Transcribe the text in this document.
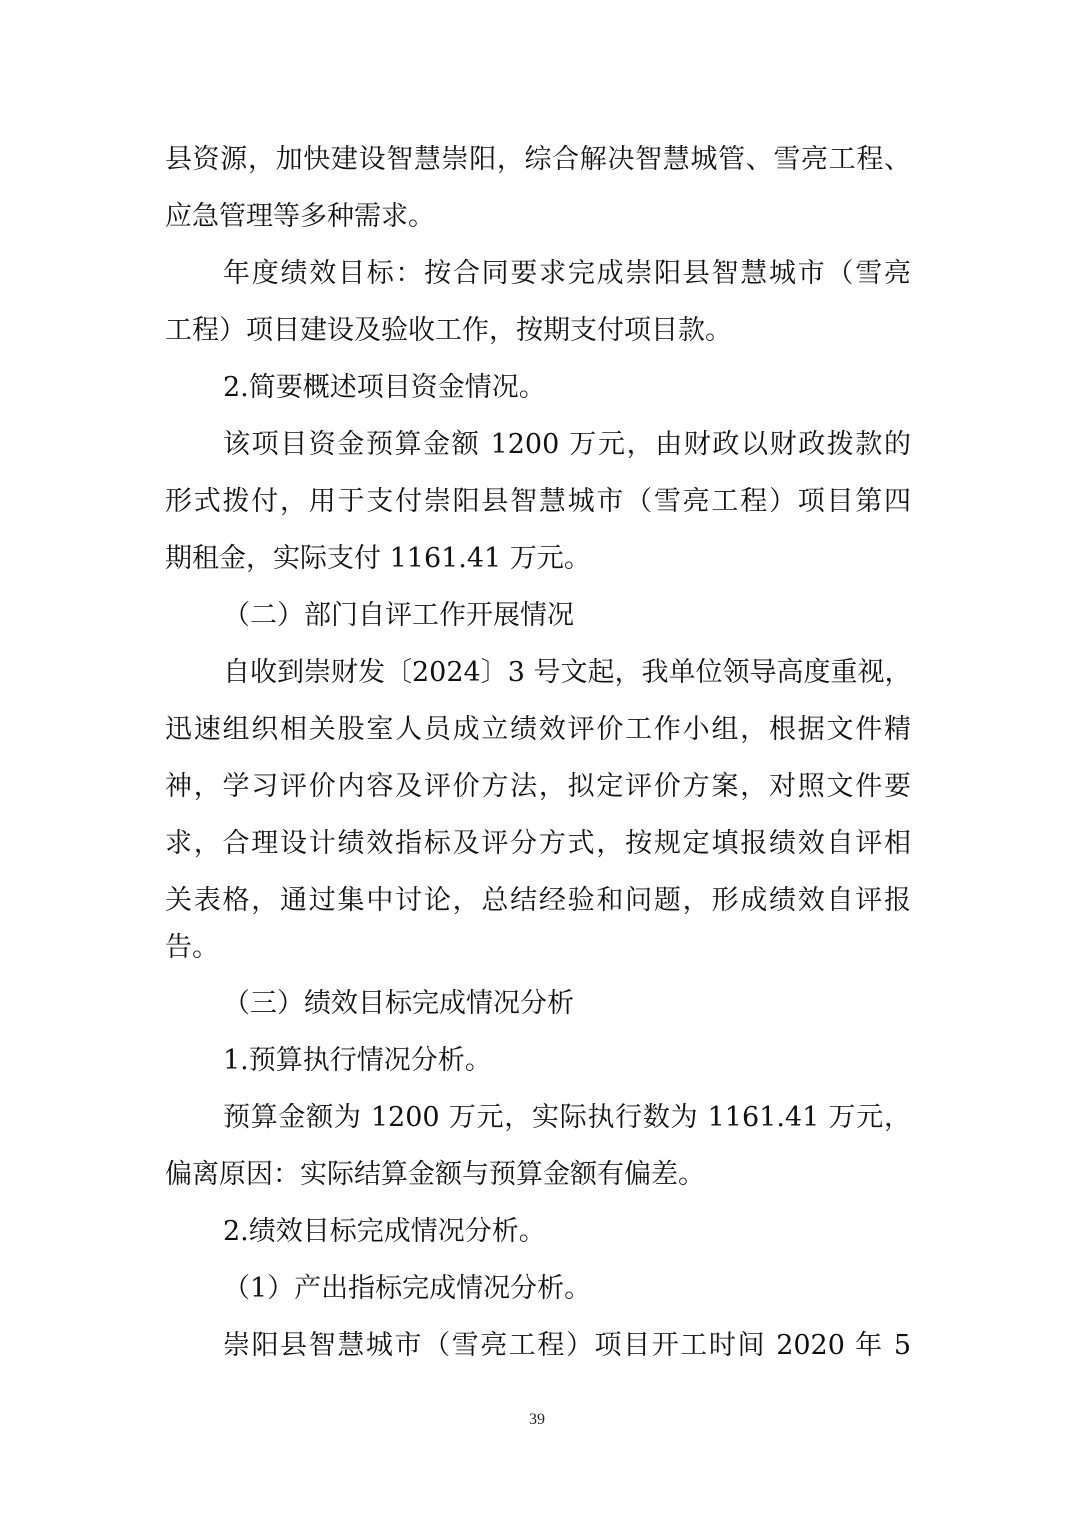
县资源，加快建设智慧崇阳，综合解决智慧城管、雪亮工程、
应急管理等多种需求。
年度绩效目标：按合同要求完成崇阳县智慧城市（雪亮
工程）项目建设及验收工作，按期支付项目款。
2.简要概述项目资金情况。
该项目资金预算金额 1200 万元，由财政以财政拨款的
形式拨付，用于支付崇阳县智慧城市（雪亮工程）项目第四
期租金，实际支付 1161.41 万元。
（二）部门自评工作开展情况
自收到崇财发〔2024〕3 号文起，我单位领导高度重视，
迅速组织相关股室人员成立绩效评价工作小组，根据文件精
神，学习评价内容及评价方法，拟定评价方案，对照文件要
求，合理设计绩效指标及评分方式，按规定填报绩效自评相
关表格，通过集中讨论，总结经验和问题，形成绩效自评报
告。
（三）绩效目标完成情况分析
1.预算执行情况分析。
预算金额为 1200 万元，实际执行数为 1161.41 万元，
偏离原因：实际结算金额与预算金额有偏差。
2.绩效目标完成情况分析。
（1）产出指标完成情况分析。
崇阳县智慧城市（雪亮工程）项目开工时间 2020 年 5
39
